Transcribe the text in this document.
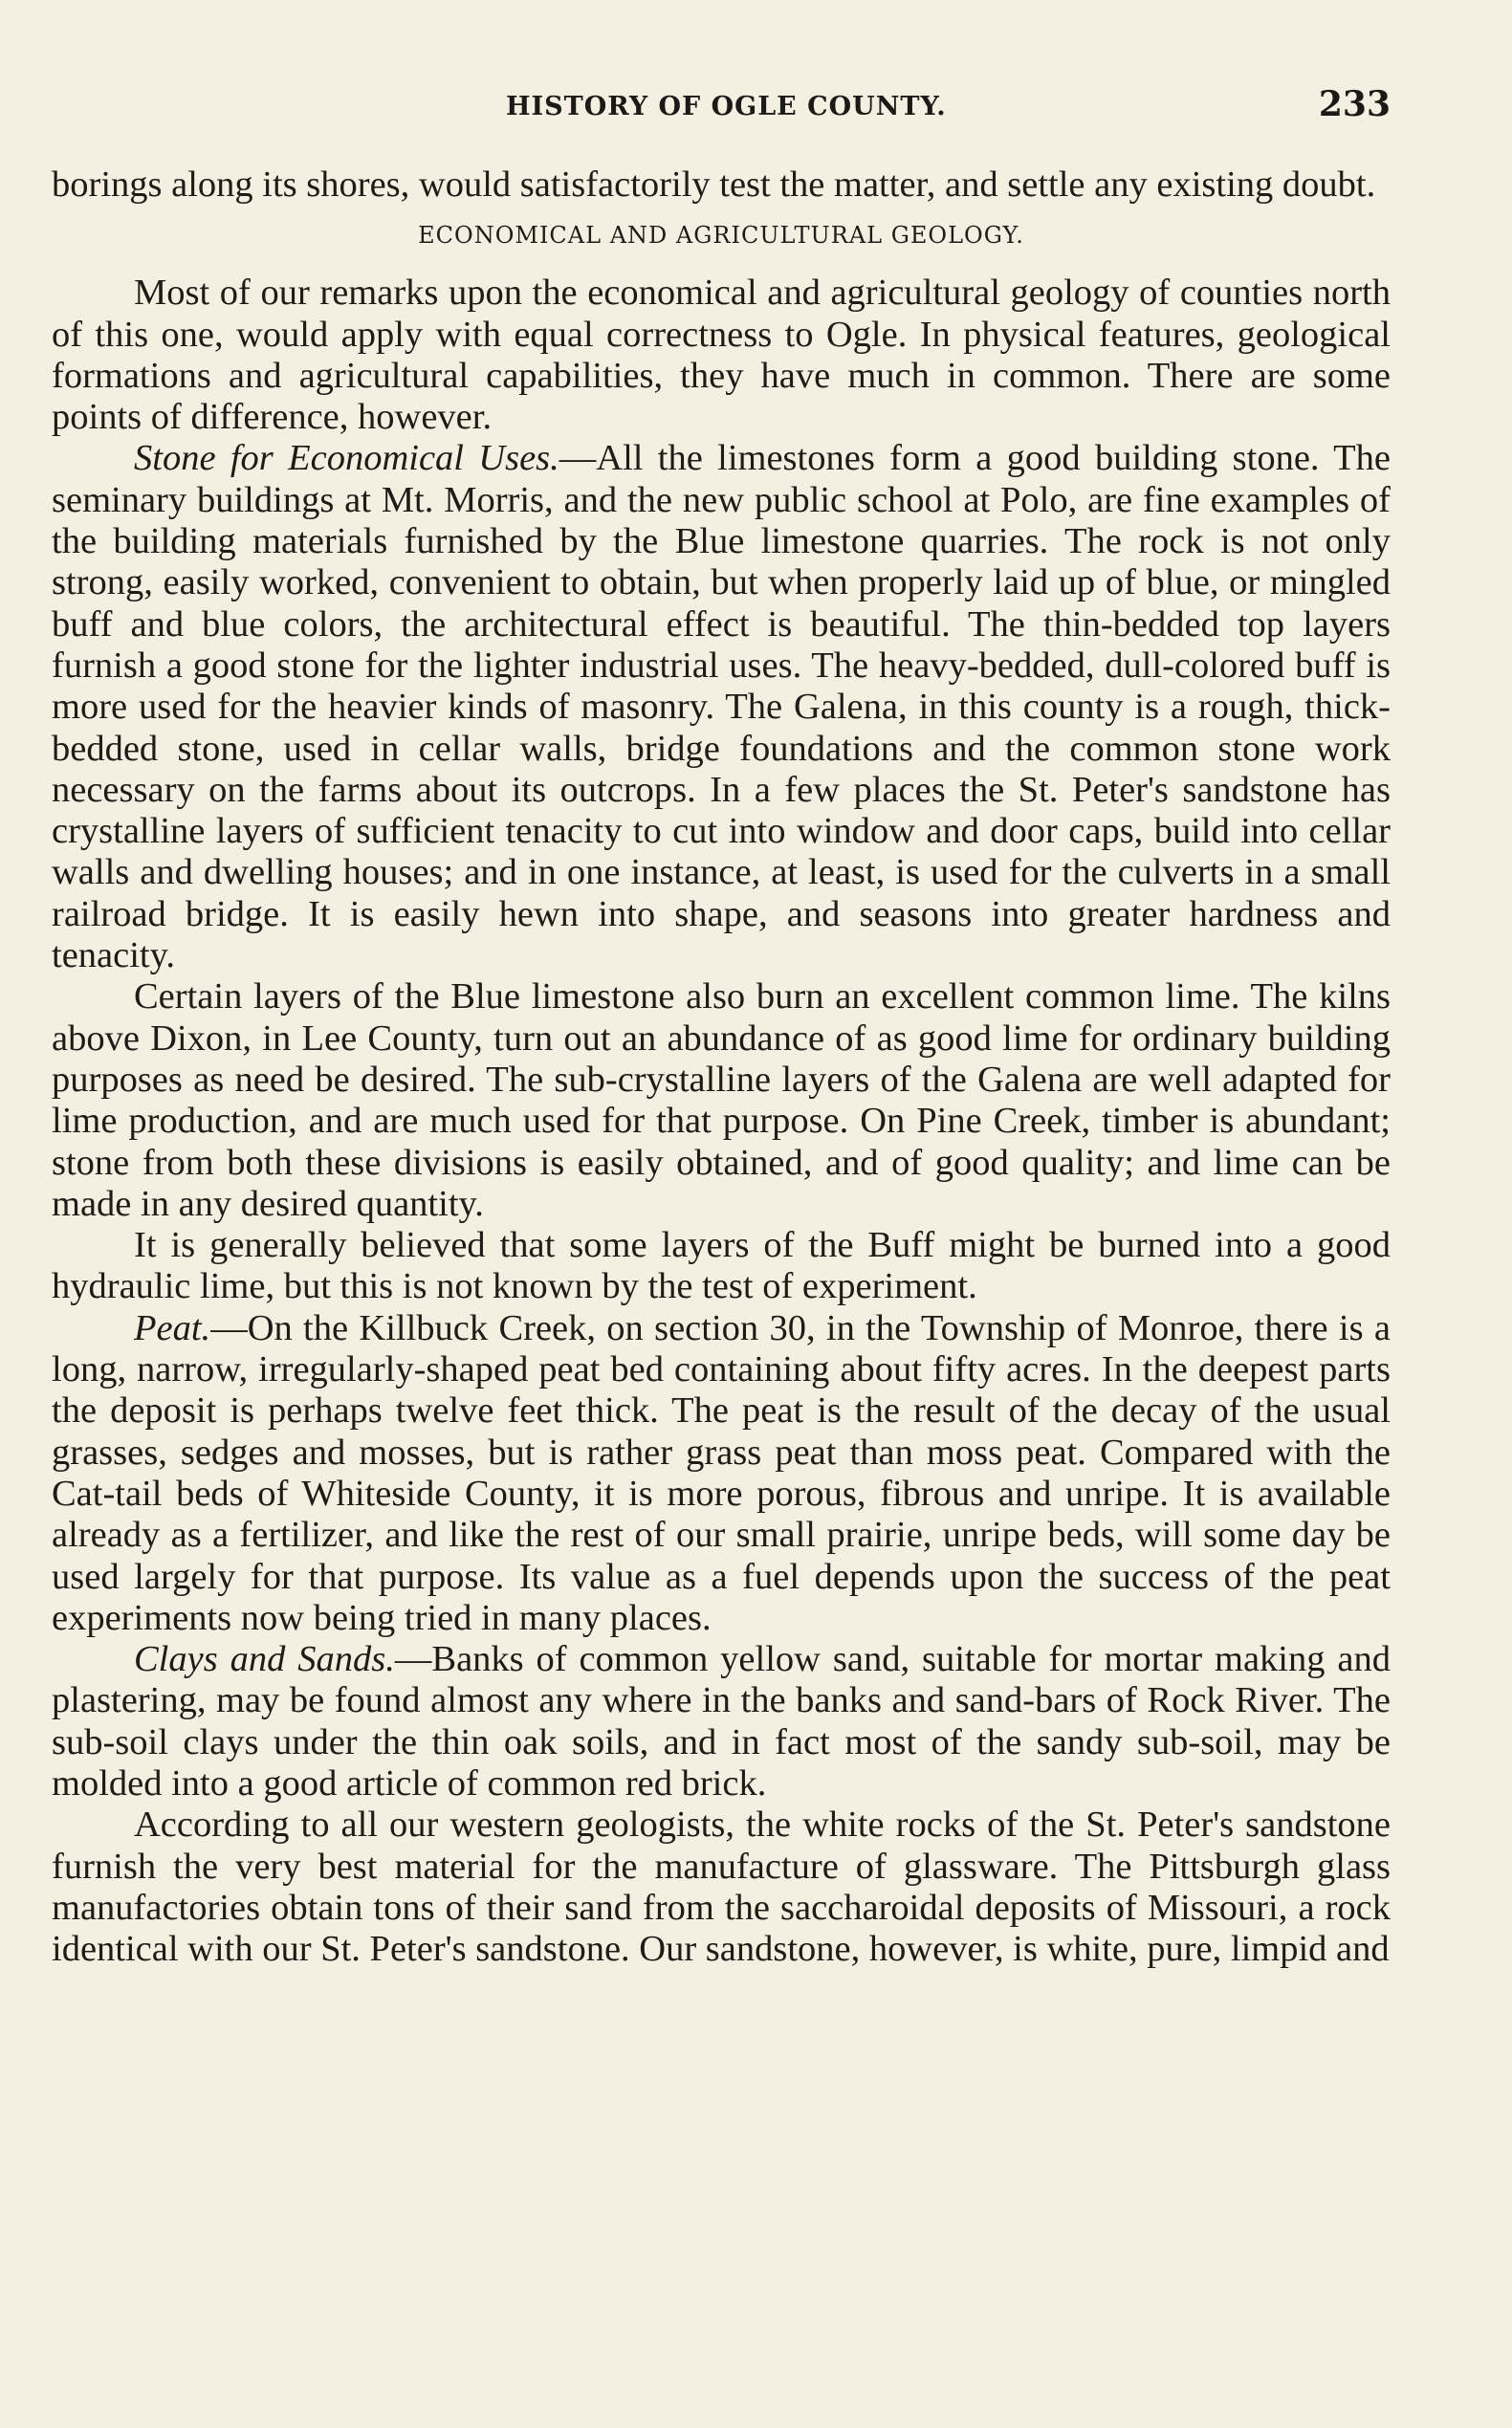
HISTORY OF OGLE COUNTY.	233

borings along its shores, would satisfactorily test the matter, and settle any existing doubt.

ECONOMICAL AND AGRICULTURAL GEOLOGY.

Most of our remarks upon the economical and agricultural geology of counties north of this one, would apply with equal correctness to Ogle. In physical features, geological formations and agricultural capabilities, they have much in common. There are some points of difference, however.

Stone for Economical Uses.—All the limestones form a good building stone. The seminary buildings at Mt. Morris, and the new public school at Polo, are fine examples of the building materials furnished by the Blue limestone quarries. The rock is not only strong, easily worked, convenient to obtain, but when properly laid up of blue, or mingled buff and blue colors, the architectural effect is beautiful. The thin-bedded top layers furnish a good stone for the lighter industrial uses. The heavy-bedded, dull-colored buff is more used for the heavier kinds of masonry. The Galena, in this county is a rough, thick-bedded stone, used in cellar walls, bridge foundations and the common stone work necessary on the farms about its outcrops. In a few places the St. Peter's sandstone has crystalline layers of sufficient tenacity to cut into window and door caps, build into cellar walls and dwelling houses; and in one instance, at least, is used for the culverts in a small railroad bridge. It is easily hewn into shape, and seasons into greater hardness and tenacity.

Certain layers of the Blue limestone also burn an excellent common lime. The kilns above Dixon, in Lee County, turn out an abundance of as good lime for ordinary building purposes as need be desired. The sub-crystalline layers of the Galena are well adapted for lime production, and are much used for that purpose. On Pine Creek, timber is abundant; stone from both these divisions is easily obtained, and of good quality; and lime can be made in any desired quantity.

It is generally believed that some layers of the Buff might be burned into a good hydraulic lime, but this is not known by the test of experiment.

Peat.—On the Killbuck Creek, on section 30, in the Township of Monroe, there is a long, narrow, irregularly-shaped peat bed containing about fifty acres. In the deepest parts the deposit is perhaps twelve feet thick. The peat is the result of the decay of the usual grasses, sedges and mosses, but is rather grass peat than moss peat. Compared with the Cat-tail beds of Whiteside County, it is more porous, fibrous and unripe. It is available already as a fertilizer, and like the rest of our small prairie, unripe beds, will some day be used largely for that purpose. Its value as a fuel depends upon the success of the peat experiments now being tried in many places.

Clays and Sands.—Banks of common yellow sand, suitable for mortar making and plastering, may be found almost any where in the banks and sand-bars of Rock River. The sub-soil clays under the thin oak soils, and in fact most of the sandy sub-soil, may be molded into a good article of common red brick.

According to all our western geologists, the white rocks of the St. Peter's sandstone furnish the very best material for the manufacture of glassware. The Pittsburgh glass manufactories obtain tons of their sand from the saccharoidal deposits of Missouri, a rock identical with our St. Peter's sandstone. Our sandstone, however, is white, pure, limpid and
